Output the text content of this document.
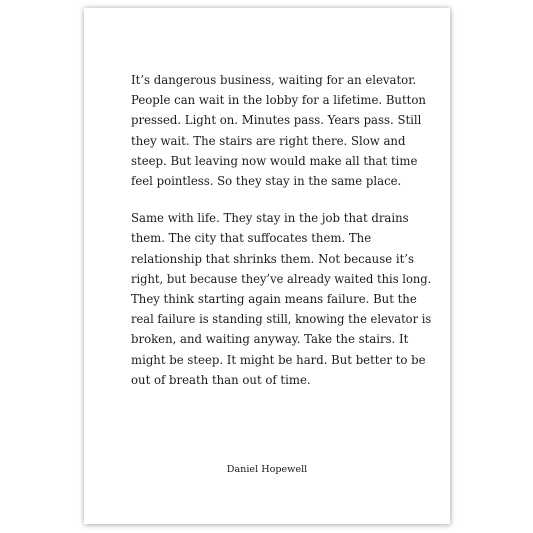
It’s dangerous business, waiting for an elevator.
People can wait in the lobby for a lifetime. Button
pressed. Light on. Minutes pass. Years pass. Still
they wait. The stairs are right there. Slow and
steep. But leaving now would make all that time
feel pointless. So they stay in the same place.
Same with life. They stay in the job that drains
them. The city that suffocates them. The
relationship that shrinks them. Not because it’s
right, but because they’ve already waited this long.
They think starting again means failure. But the
real failure is standing still, knowing the elevator is
broken, and waiting anyway. Take the stairs. It
might be steep. It might be hard. But better to be
out of breath than out of time.
Daniel Hopewell
